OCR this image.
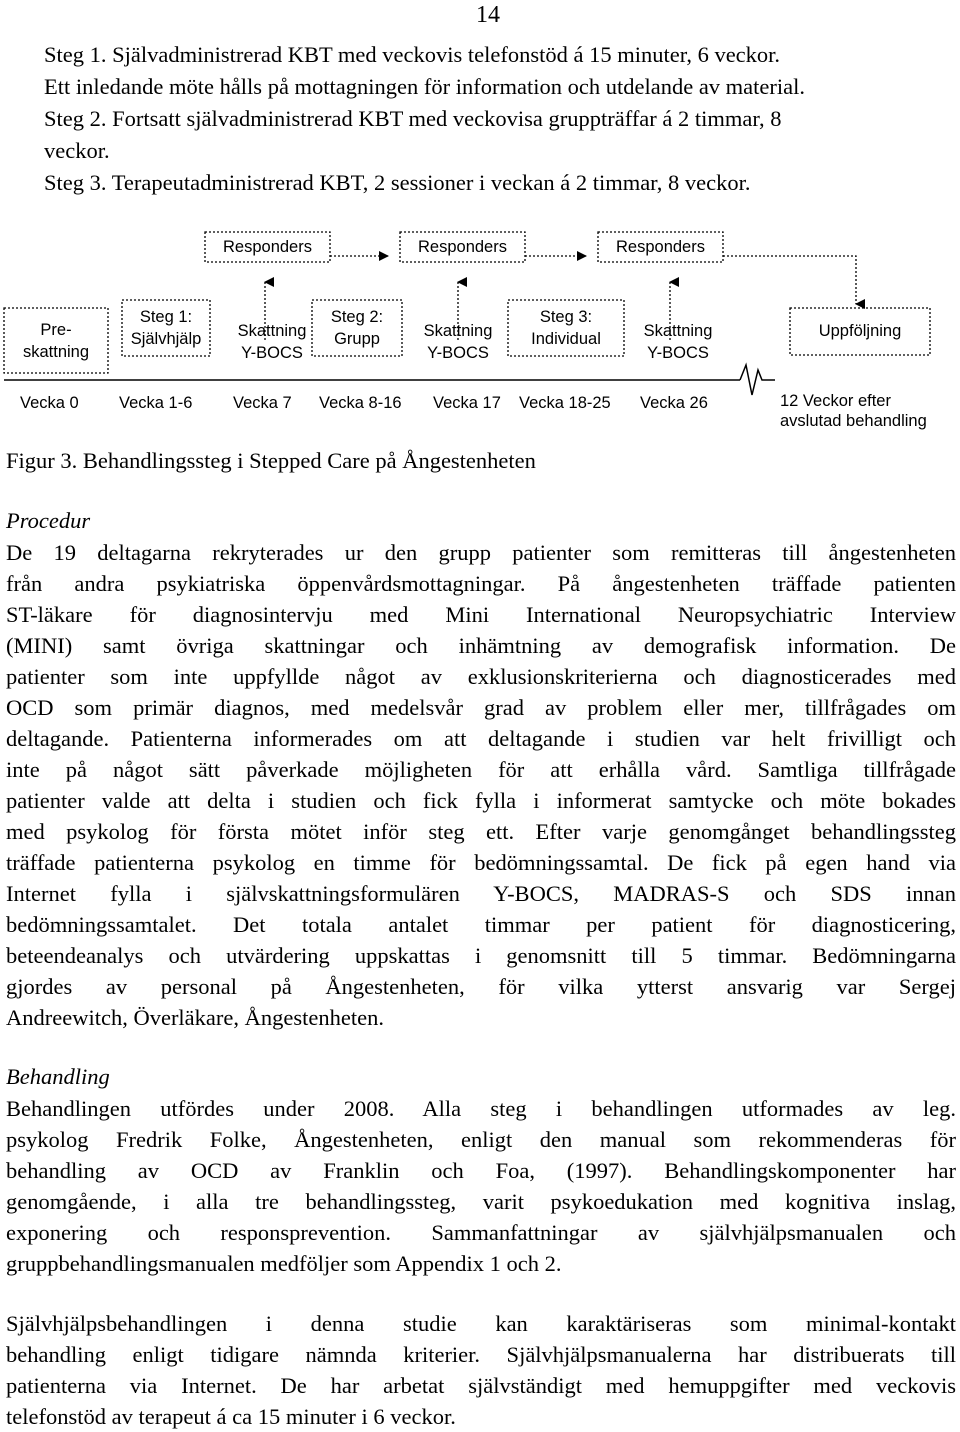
14
Steg 1. Självadministrerad KBT med veckovis telefonstöd á 15 minuter, 6 veckor.
Ett inledande möte hålls på mottagningen för information och utdelande av material.
Steg 2. Fortsatt självadministrerad KBT med veckovisa gruppträffar á 2 timmar, 8
veckor.
Steg 3. Terapeutadministrerad KBT, 2 sessioner i veckan á 2 timmar, 8 veckor.
Responders	Responders	Responders
Pre-
skattning
Steg 1:
Självhjälp	Skattning
Y-BOCS
Steg 2:
Grupp	Skattning
Y-BOCS
Steg 3:
Individual	Skattning
Y-BOCS
Uppföljning
Vecka 0 Vecka 1-6 Vecka 7 Vecka 8-16 Vecka 17 Vecka 18-25 Vecka 26	12 Veckor efter
avslutad behandling
Figur 3. Behandlingssteg i Stepped Care på Ångestenheten
Procedur
De 19 deltagarna rekryterades ur den grupp patienter som remitteras till ångestenheten
från andra psykiatriska öppenvårdsmottagningar. På ångestenheten träffade patienten
ST-läkare för diagnosintervju med Mini International Neuropsychiatric Interview
(MINI) samt övriga skattningar och inhämtning av demografisk information. De
patienter som inte uppfyllde något av exklusionskriterierna och diagnosticerades med
OCD som primär diagnos, med medelsvår grad av problem eller mer, tillfrågades om
deltagande. Patienterna informerades om att deltagande i studien var helt frivilligt och
inte på något sätt påverkade möjligheten för att erhålla vård. Samtliga tillfrågade
patienter valde att delta i studien och fick fylla i informerat samtycke och möte bokades
med psykolog för första mötet inför steg ett. Efter varje genomgånget behandlingssteg
träffade patienterna psykolog en timme för bedömningssamtal. De fick på egen hand via
Internet fylla i självskattningsformulären Y-BOCS, MADRAS-S och SDS innan
bedömningssamtalet. Det totala antalet timmar per patient för diagnosticering,
beteendeanalys och utvärdering uppskattas i genomsnitt till 5 timmar. Bedömningarna
gjordes av personal på Ångestenheten, för vilka ytterst ansvarig var Sergej
Andreewitch, Överläkare, Ångestenheten.
Behandling
Behandlingen utfördes under 2008. Alla steg i behandlingen utformades av leg.
psykolog Fredrik Folke, Ångestenheten, enligt den manual som rekommenderas för
behandling av OCD av Franklin och Foa, (1997). Behandlingskomponenter har
genomgående, i alla tre behandlingssteg, varit psykoedukation med kognitiva inslag,
exponering och responsprevention. Sammanfattningar av självhjälpsmanualen och
gruppbehandlingsmanualen medföljer som Appendix 1 och 2.
Självhjälpsbehandlingen i denna studie kan karaktäriseras som minimal-kontakt
behandling enligt tidigare nämnda kriterier. Självhjälpsmanualerna har distribuerats till
patienterna via Internet. De har arbetat självständigt med hemuppgifter med veckovis
telefonstöd av terapeut á ca 15 minuter i 6 veckor.
